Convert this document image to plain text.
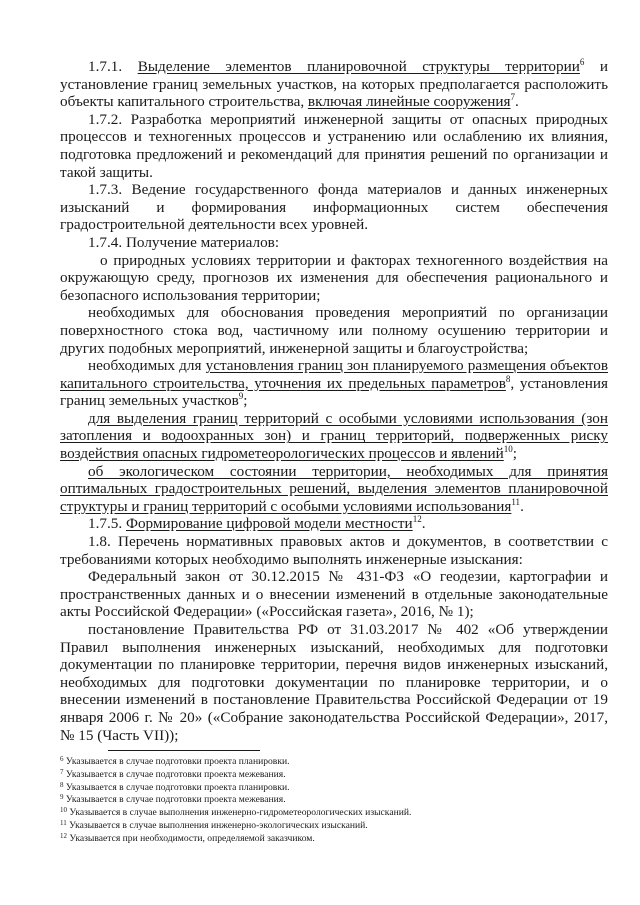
1.7.1. Выделение элементов планировочной структуры территории$^6$ и установление границ земельных участков, на которых предполагается расположить объекты капитального строительства, включая линейные сооружения$^7$.

1.7.2. Разработка мероприятий инженерной защиты от опасных природных процессов и техногенных процессов и устранению или ослаблению их влияния, подготовка предложений и рекомендаций для принятия решений по организации и такой защиты.

1.7.3. Ведение государственного фонда материалов и данных инженерных изысканий и формирования информационных систем обеспечения градостроительной деятельности всех уровней.

1.7.4. Получение материалов:

о природных условиях территории и факторах техногенного воздействия на окружающую среду, прогнозов их изменения для обеспечения рационального и безопасного использования территории;

необходимых для обоснования проведения мероприятий по организации поверхностного стока вод, частичному или полному осушению территории и других подобных мероприятий, инженерной защиты и благоустройства;

необходимых для установления границ зон планируемого размещения объектов капитального строительства, уточнения их предельных параметров$^8$, установления границ земельных участков$^9$;

для выделения границ территорий с особыми условиями использования (зон затопления и водоохранных зон) и границ территорий, подверженных риску воздействия опасных гидрометеорологических процессов и явлений$^{10}$;

об экологическом состоянии территории, необходимых для принятия оптимальных градостроительных решений, выделения элементов планировочной структуры и границ территорий с особыми условиями использования$^{11}$.

1.7.5. Формирование цифровой модели местности$^{12}$.

1.8. Перечень нормативных правовых актов и документов, в соответствии с требованиями которых необходимо выполнять инженерные изыскания:

Федеральный закон от 30.12.2015 № 431-ФЗ «О геодезии, картографии и пространственных данных и о внесении изменений в отдельные законодательные акты Российской Федерации» («Российская газета», 2016, № 1);

постановление Правительства РФ от 31.03.2017 № 402 «Об утверждении Правил выполнения инженерных изысканий, необходимых для подготовки документации по планировке территории, перечня видов инженерных изысканий, необходимых для подготовки документации по планировке территории, и о внесении изменений в постановление Правительства Российской Федерации от 19 января 2006 г. № 20» («Собрание законодательства Российской Федерации», 2017, № 15 (Часть VII));

$^6$ Указывается в случае подготовки проекта планировки.

$^7$ Указывается в случае подготовки проекта межевания.

$^8$ Указывается в случае подготовки проекта планировки.

$^9$ Указывается в случае подготовки проекта межевания.

$^{10}$ Указывается в случае выполнения инженерно-гидрометеорологических изысканий.

$^{11}$ Указывается в случае выполнения инженерно-экологических изысканий.

$^{12}$ Указывается при необходимости, определяемой заказчиком.
